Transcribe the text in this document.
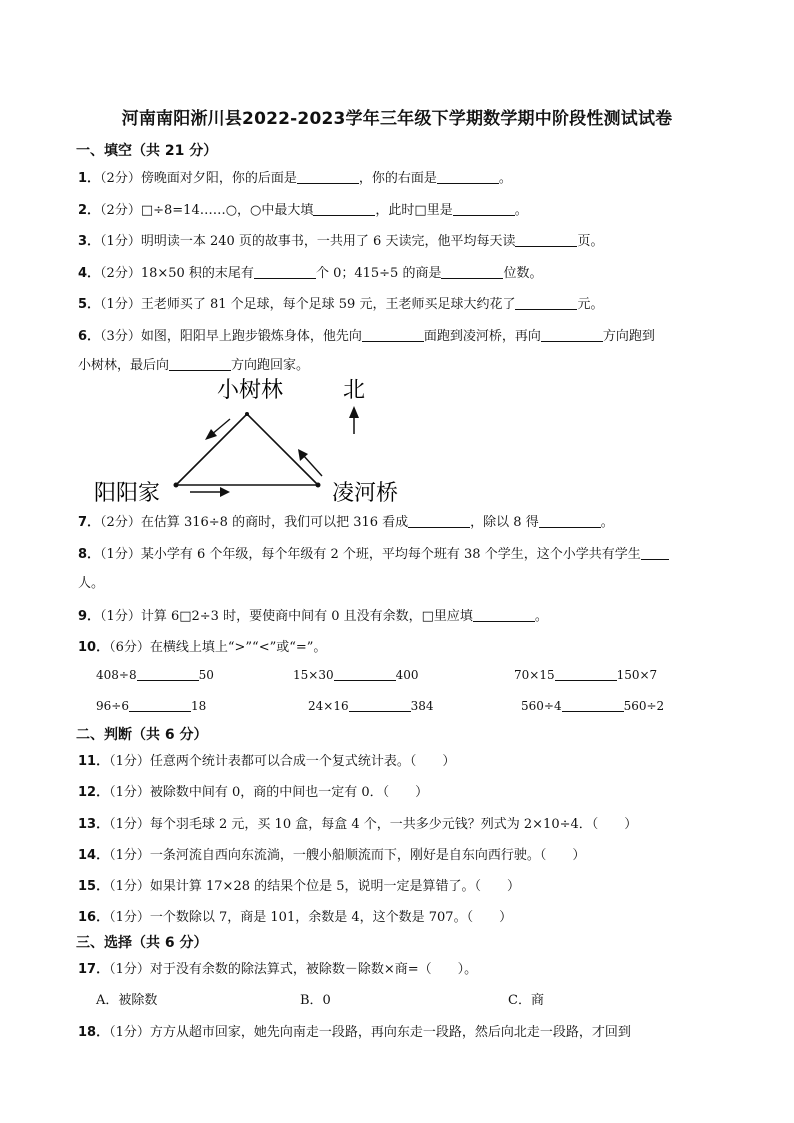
河南南阳淅川县2022-2023学年三年级下学期数学期中阶段性测试试卷
一、填空（共 21 分）
1．（2分）傍晚面对夕阳，你的后面是	，你的右面是	。
2．（2分）□÷8=14……○，○中最大填	，此时□里是	。
3．（1分）明明读一本 240 页的故事书，一共用了 6 天读完，他平均每天读	页。
4．（2分）18×50 积的末尾有	个 0；415÷5 的商是	位数。
5．（1分）王老师买了 81 个足球，每个足球 59 元，王老师买足球大约花了	元。
6．（3分）如图，阳阳早上跑步锻炼身体，他先向	面跑到凌河桥，再向	方向跑到
小树林，最后向	方向跑回家。
小树林	北
阳阳家	凌河桥
7．（2分）在估算 316÷8 的商时，我们可以把 316 看成	，除以 8 得	。
8．（1分）某小学有 6 个年级，每个年级有 2 个班，平均每个班有 38 个学生，这个小学共有学生
人。
9．（1分）计算 6□2÷3 时，要使商中间有 0 且没有余数，□里应填	。
10．（6分）在横线上填上“>”“<”或“=”。
408÷8	50	15×30	400	70×15	150×7
96÷6	18	24×16	384	560÷4	560÷2
二、判断（共 6 分）
11．（1分）任意两个统计表都可以合成一个复式统计表。（　　）
12．（1分）被除数中间有 0，商的中间也一定有 0．（　　）
13．（1分）每个羽毛球 2 元，买 10 盒，每盒 4 个，一共多少元钱？列式为 2×10÷4．（　　）
14．（1分）一条河流自西向东流淌，一艘小船顺流而下，刚好是自东向西行驶。（　　）
15．（1分）如果计算 17×28 的结果个位是 5，说明一定是算错了。（　　）
16．（1分）一个数除以 7，商是 101，余数是 4，这个数是 707。（　　）
三、选择（共 6 分）
17．（1分）对于没有余数的除法算式，被除数－除数×商=（　　）。
A．被除数	B．0	C．商
18．（1分）方方从超市回家，她先向南走一段路，再向东走一段路，然后向北走一段路，才回到
